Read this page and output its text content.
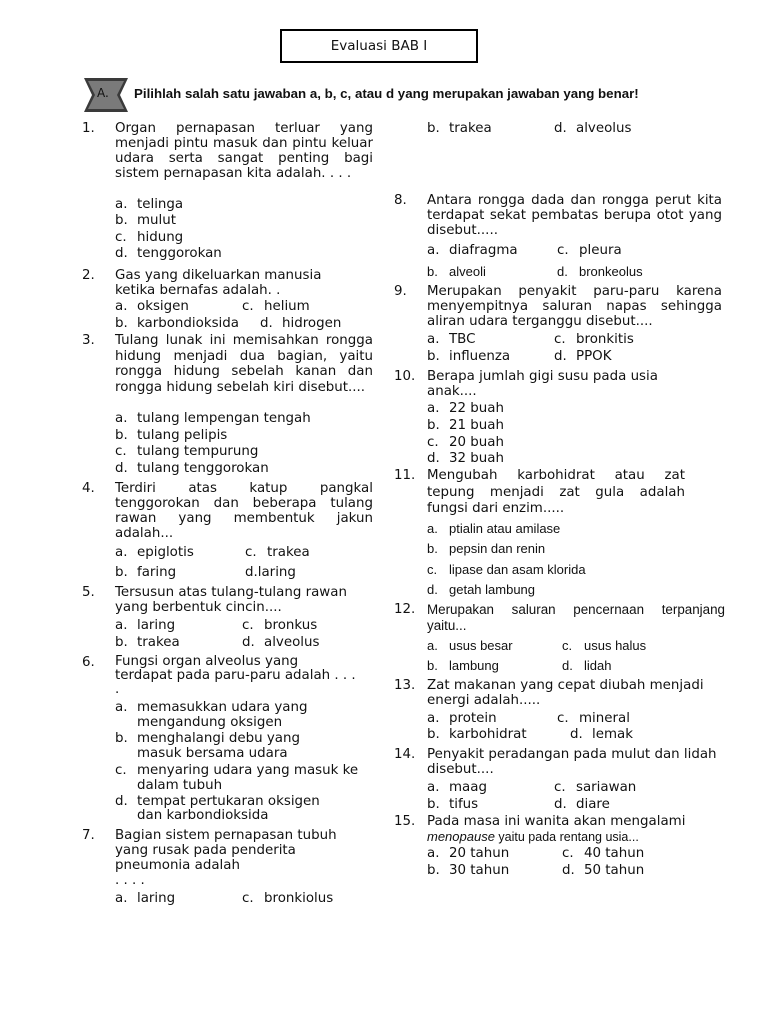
Evaluasi BAB I
A. Pilihlah salah satu jawaban a, b, c, atau d yang merupakan jawaban yang benar!
1. Organ pernapasan terluar yang menjadi pintu masuk dan pintu keluar udara serta sangat penting bagi sistem pernapasan kita adalah. . . .
a. telinga
b. mulut
c. hidung
d. tenggorokan
2. Gas yang dikeluarkan manusia ketika bernafas adalah. .
a. oksigen	c. helium
b. karbondioksida d. hidrogen
3. Tulang lunak ini memisahkan rongga hidung menjadi dua bagian, yaitu rongga hidung sebelah kanan dan rongga hidung sebelah kiri disebut....
a. tulang lempengan tengah
b. tulang pelipis
c. tulang tempurung
d. tulang tenggorokan
4. Terdiri atas katup pangkal tenggorokan dan beberapa tulang rawan yang membentuk jakun adalah...
a. epiglotis	c. trakea
b. faring	d.laring
5. Tersusun atas tulang-tulang rawan yang berbentuk cincin....
a. laring	c. bronkus
b. trakea	d. alveolus
6. Fungsi organ alveolus yang
terdapat pada paru-paru adalah . . .
.
a. memasukkan udara yang
mengandung oksigen
b. menghalangi debu yang
masuk bersama udara
c. menyaring udara yang masuk ke
dalam tubuh
d. tempat pertukaran oksigen
dan karbondioksida
7. Bagian sistem pernapasan tubuh
yang rusak pada penderita
pneumonia adalah
. . . .
a. laring	c. bronkiolus
b. trakea	d. alveolus
8. Antara rongga dada dan rongga perut kita terdapat sekat pembatas berupa otot yang disebut.....
a. diafragma	c. pleura
b. alveoli	d. bronkeolus
9. Merupakan penyakit paru-paru karena menyempitnya saluran napas sehingga aliran udara terganggu disebut....
a. TBC	c. bronkitis
b. influenza	d. PPOK
10. Berapa jumlah gigi susu pada usia
anak....
a. 22 buah
b. 21 buah
c. 20 buah
d. 32 buah
11. Mengubah karbohidrat atau zat tepung menjadi zat gula adalah fungsi dari enzim.....
a. ptialin atau amilase
b. pepsin dan renin
c. lipase dan asam klorida
d. getah lambung
12. Merupakan saluran pencernaan terpanjang yaitu...
a. usus besar	c. usus halus
b. lambung	d. lidah
13. Zat makanan yang cepat diubah menjadi
energi adalah.....
a. protein	c. mineral
b. karbohidrat	d. lemak
14. Penyakit peradangan pada mulut dan lidah
disebut....
a. maag	c. sariawan
b. tifus	d. diare
15. Pada masa ini wanita akan mengalami
menopause yaitu pada rentang usia...
a. 20 tahun	c. 40 tahun
b. 30 tahun	d. 50 tahun
